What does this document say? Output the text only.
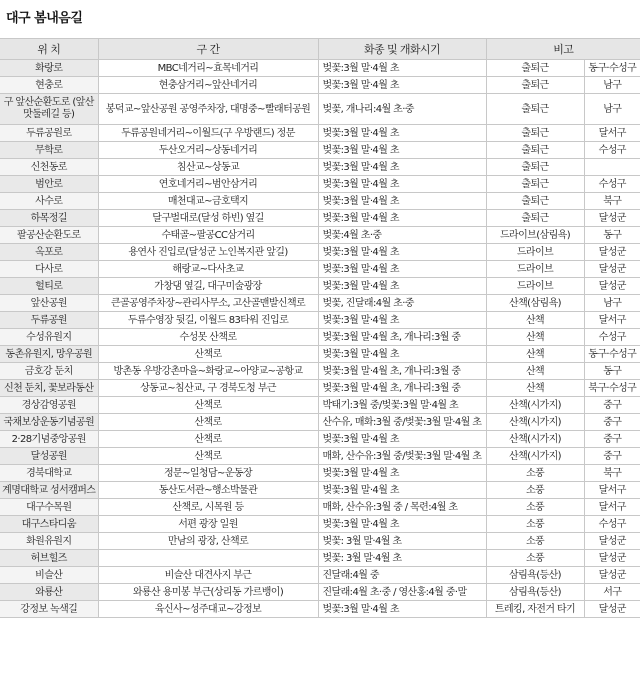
대구 봄내음길
위 치	구 간	화종 및 개화시기	비고	
화랑로	MBC네거리~효목네거리	벚꽃:3월 말·4월 초	출퇴근	동구·수성구
현충로	현충삼거리~앞산네거리	벚꽃:3월 말·4월 초	출퇴근	남구
구 앞산순환도로 (앞산 맛둘레길 등)	봉덕교~앞산공원 공영주차장, 대명중~빨래터공원	벚꽃, 개나리:4월 초·중	출퇴근	남구
두류공원로	두류공원네거리~이월드(구 우방랜드) 정문	벚꽃:3월 말·4월 초	출퇴근	달서구
무학로	두산오거리~상동네거리	벚꽃:3월 말·4월 초	출퇴근	수성구
신천동로	침산교~상동교	벚꽃:3월 말·4월 초	출퇴근	
범안로	연호네거리~범안삼거리	벚꽃:3월 말·4월 초	출퇴근	수성구
사수로	매천대교~금호택지	벚꽃:3월 말·4월 초	출퇴근	북구
하목정길	달구벌대로(달성 하빈) 옆길	벚꽃:3월 말·4월 초	출퇴근	달성군
팔공산순환도로	수태골~팔공CC삼거리	벚꽃:4월 초·중	드라이브(삼림욕)	동구
옥포로	용연사 진입로(달성군 노인복지관 앞길)	벚꽃:3월 말·4월 초	드라이브	달성군
다사로	해랑교~다사초교	벚꽃:3월 말·4월 초	드라이브	달성군
헐티로	가창댐 옆길, 대구미술광장	벚꽃:3월 말·4월 초	드라이브	달성군
앞산공원	큰골공영주차장~관리사무소, 고산골맨발신책로	벚꽃, 진달래:4월 초·중	산책(삼림욕)	남구
두류공원	두류수영장 뒷길, 이월드 83타워 진입로	벚꽃:3월 말·4월 초	산책	달서구
수성유원지	수성못 산책로	벚꽃:3월 말·4월 초, 개나리:3월 중	산책	수성구
동촌유원지, 망우공원	산책로	벚꽃:3월 말·4월 초	산책	동구·수성구
금호강 둔치	방촌동 우방강촌마을~화랑교~아양교~공항교	벚꽃:3월 말·4월 초, 개나리:3월 중	산책	동구
신천 둔치, 꽃보라동산	상동교~침산교, 구 경북도청 부근	벚꽃:3월 말·4월 초, 개나리:3월 중	산책	북구·수성구
경상감영공원	산책로	박태기:3월 중/벚꽃:3월 말·4월 초	산책(시가지)	중구
국채보상운동기념공원	산책로	산수유, 매화:3월 중/벚꽃:3월 말·4월 초	산책(시가지)	중구
2·28기념중앙공원	산책로	벚꽃:3월 말·4월 초	산책(시가지)	중구
달성공원	산책로	매화, 산수유:3월 중/벚꽃:3월 말·4월 초	산책(시가지)	중구
경북대학교	정문~일청담~운동장	벚꽃:3월 말·4월 초	소풍	북구
계명대학교 성서캠퍼스	동산도서관~행소박물관	벚꽃:3월 말·4월 초	소풍	달서구
대구수목원	산책로, 시목원 등	매화, 산수유:3월 중 / 목련:4월 초	소풍	달서구
대구스타디움	서편 광장 일원	벚꽃:3월 말·4월 초	소풍	수성구
화원유원지	만남의 광장, 산책로	벚꽃: 3월 말·4월 초	소풍	달성군
허브힐즈		벚꽃: 3월 말·4월 초	소풍	달성군
비슬산	비슬산 대견사지 부근	진달래:4월 중	삼림욕(등산)	달성군
와룡산	와룡산 용미봉 부근(상리동 가르뱅이)	진달래:4월 초·중 / 영산홍:4월 중·말	삼림욕(등산)	서구
강정보 녹색길	육신사~성주대교~강정보	벚꽃:3월 말·4월 초	트레킹, 자전거 타기	달성군
